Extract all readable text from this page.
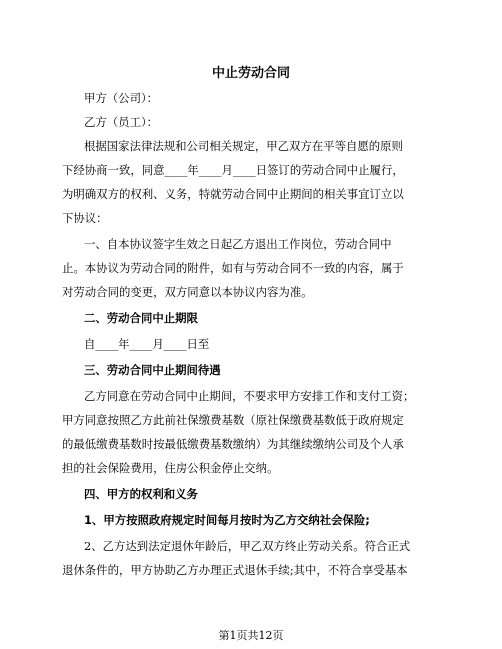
中止劳动合同
甲方（公司）：
乙方（员工）：
根据国家法律法规和公司相关规定，甲乙双方在平等自愿的原则
下经协商一致，同意____年____月____日签订的劳动合同中止履行，
为明确双方的权利、义务，特就劳动合同中止期间的相关事宜订立以
下协议：
一、自本协议签字生效之日起乙方退出工作岗位，劳动合同中
止。本协议为劳动合同的附件，如有与劳动合同不一致的内容，属于
对劳动合同的变更，双方同意以本协议内容为准。
二、劳动合同中止期限
自____年____月____日至
三、劳动合同中止期间待遇
乙方同意在劳动合同中止期间，不要求甲方安排工作和支付工资；
甲方同意按照乙方此前社保缴费基数（原社保缴费基数低于政府规定
的最低缴费基数时按最低缴费基数缴纳）为其继续缴纳公司及个人承
担的社会保险费用，住房公积金停止交纳。
四、甲方的权利和义务
1、甲方按照政府规定时间每月按时为乙方交纳社会保险;
2、乙方达到法定退休年龄后，甲乙双方终止劳动关系。符合正式
退休条件的，甲方协助乙方办理正式退休手续;其中，不符合享受基本
第1页共12页
